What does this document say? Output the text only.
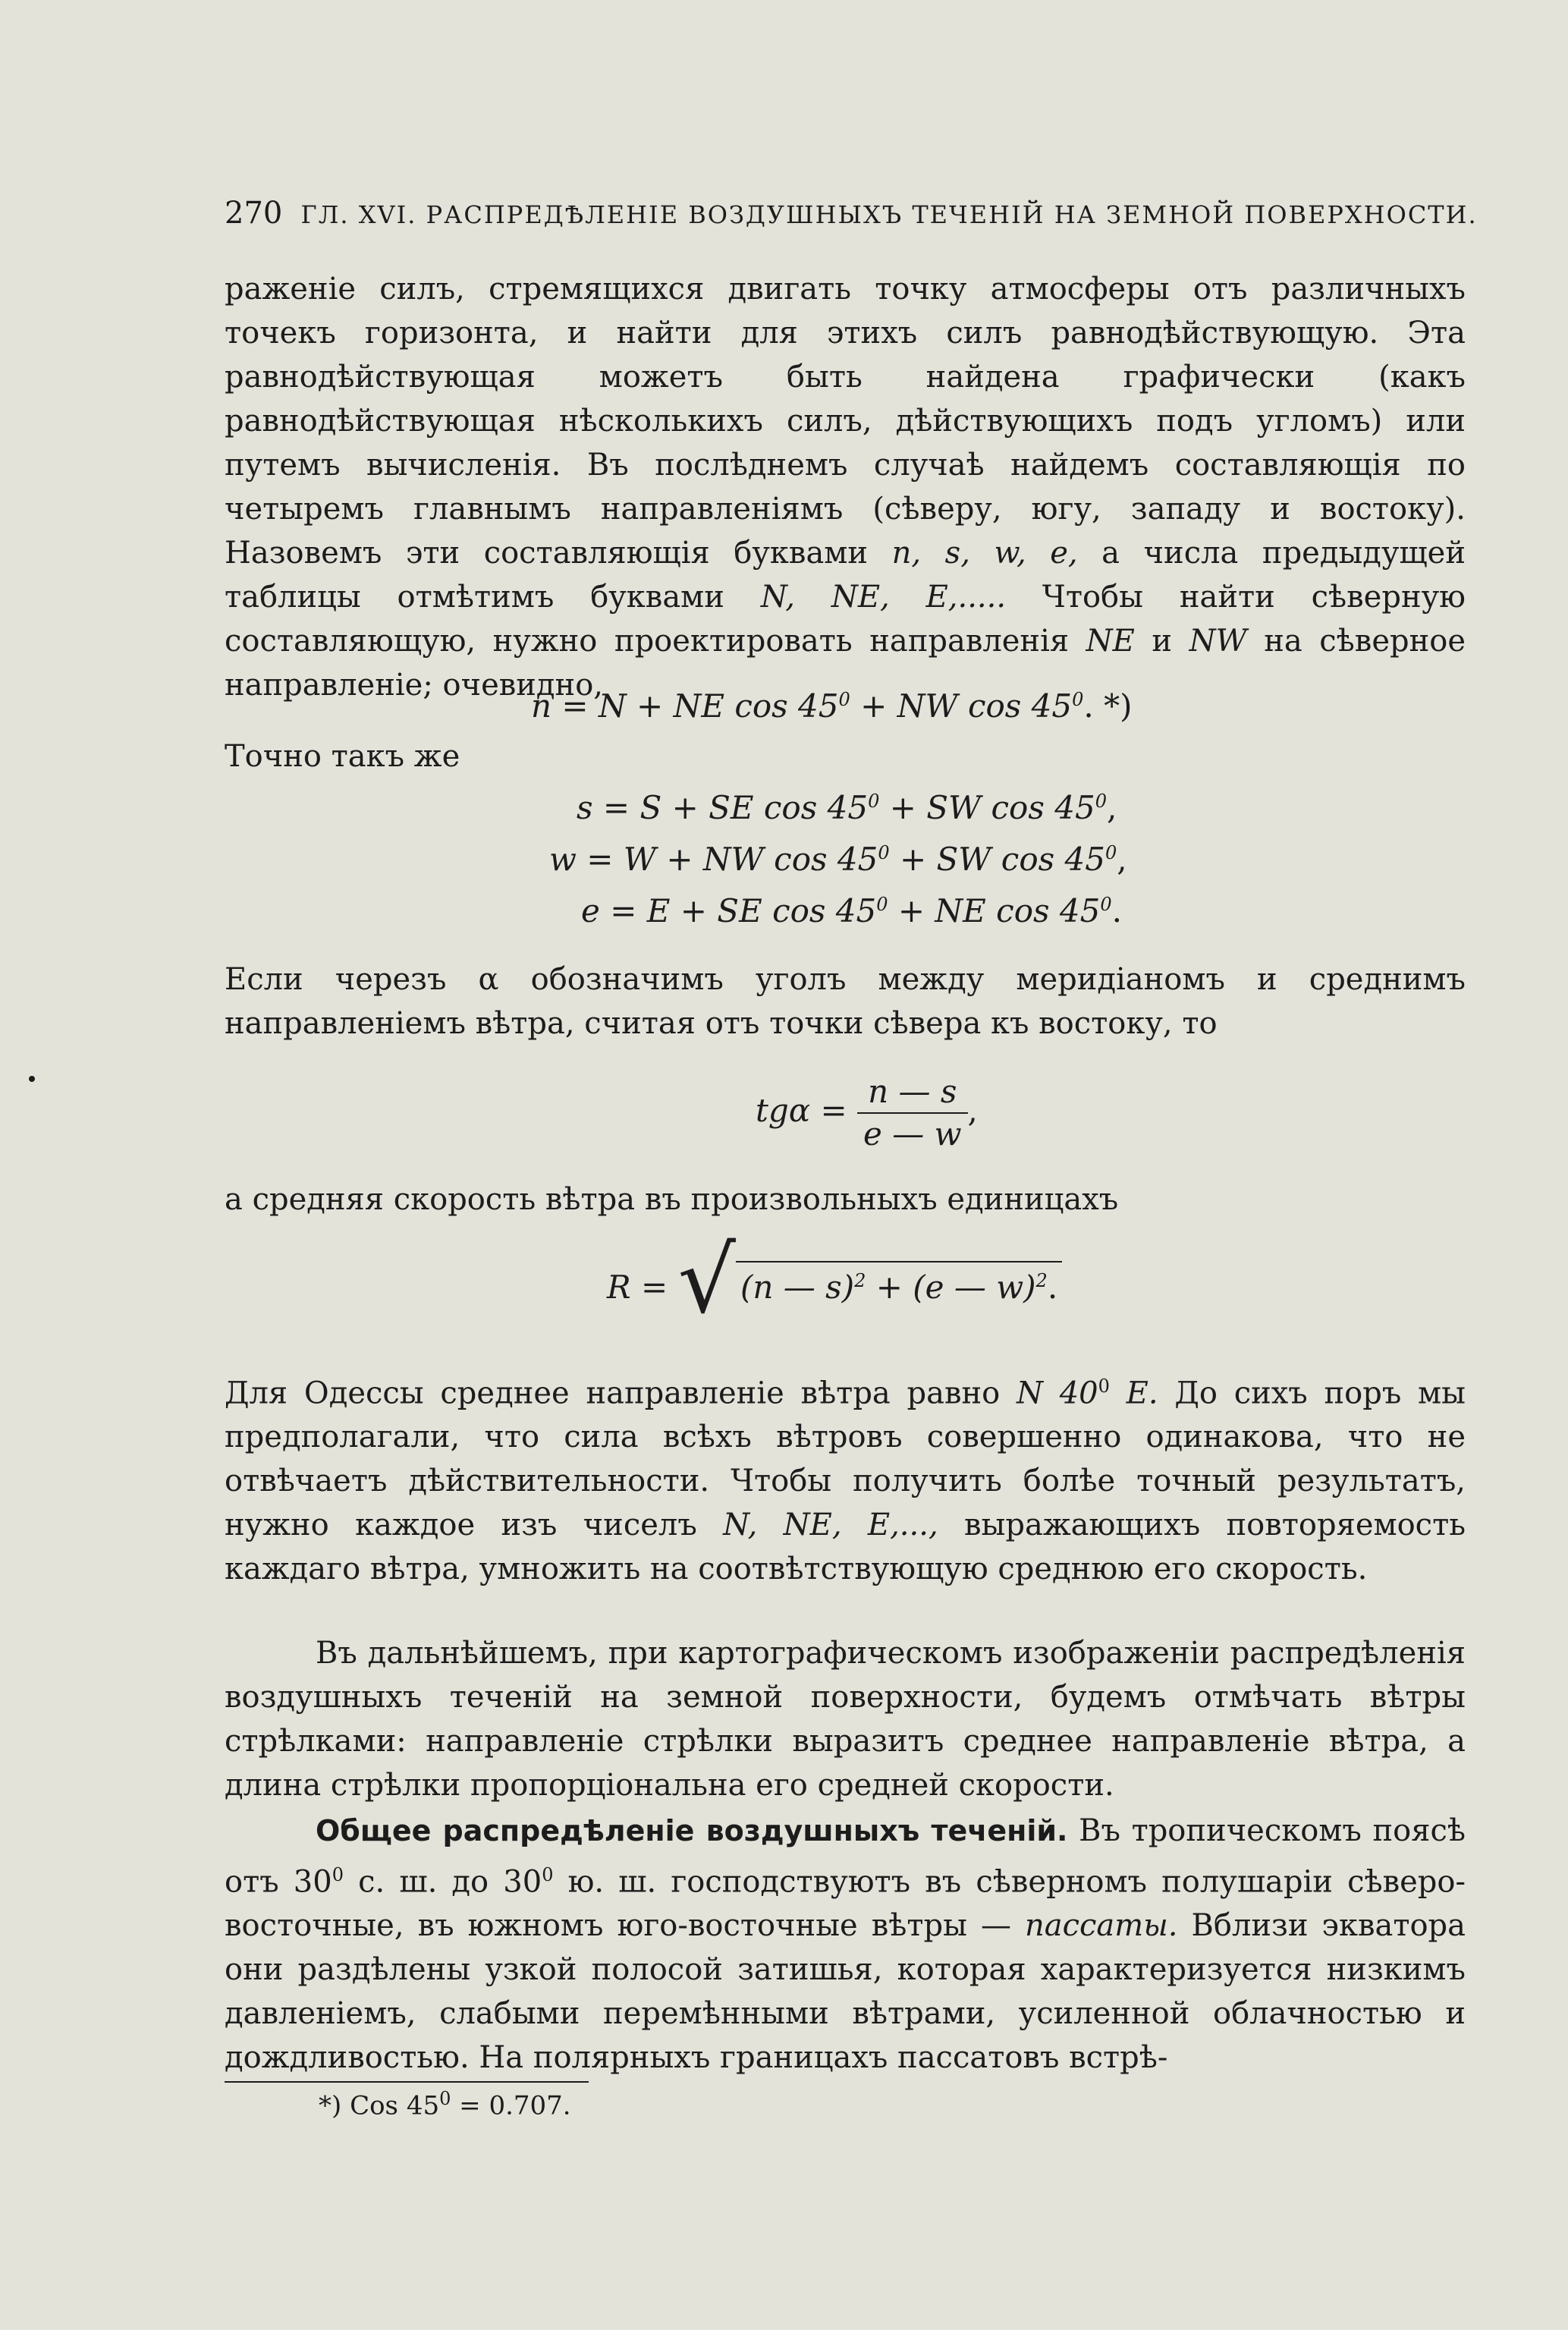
270 ГЛ. XVI. РАСПРЕДѢЛЕНІЕ ВОЗДУШНЫХЪ ТЕЧЕНІЙ НА ЗЕМНОЙ ПОВЕРХНОСТИ.

раженіе силъ, стремящихся двигать точку атмосферы отъ различныхъ точекъ горизонта, и найти для этихъ силъ равнодѣйствующую. Эта равнодѣйствующая можетъ быть найдена графически (какъ равнодѣйствующая нѣсколькихъ силъ, дѣйствующихъ подъ угломъ) или путемъ вычисленія. Въ послѣднемъ случаѣ найдемъ составляющія по четыремъ главнымъ направленіямъ (сѣверу, югу, западу и востоку). Назовемъ эти составляющія буквами n, s, w, e, а числа предыдущей таблицы отмѣтимъ буквами N, NE, E,..... Чтобы найти сѣверную составляющую, нужно проектировать направленія NE и NW на сѣверное направленіе; очевидно,

n = N + NE $\cos 45^0$ + NW $\cos 45^0$. *)

Точно такъ же

s = S + SE $\cos 45^0$ + SW $\cos 45^0$,
w = W + NW $\cos 45^0$ + SW $\cos 45^0$,
e = E + SE $\cos 45^0$ + NE $\cos 45^0$.

Если черезъ α обозначимъ уголъ между меридіаномъ и среднимъ направленіемъ вѣтра, считая отъ точки сѣвера къ востоку, то

$tg\alpha = \frac{n — s}{e — w}$ ,

а средняя скорость вѣтра въ произвольныхъ единицахъ

R = √ (n — s)$^2$ + (e — w)$^2$.

Для Одессы среднее направленіе вѣтра равно N $40^0$ E. До сихъ поръ мы предполагали, что сила всѣхъ вѣтровъ совершенно одинакова, что не отвѣчаетъ дѣйствительности. Чтобы получить болѣе точный результатъ, нужно каждое изъ чиселъ N, NE, E,..., выражающихъ повторяемость каждаго вѣтра, умножить на соотвѣтствующую среднюю его скорость.

Въ дальнѣйшемъ, при картографическомъ изображеніи распредѣленія воздушныхъ теченій на земной поверхности, будемъ отмѣчать вѣтры стрѣлками: направленіе стрѣлки выразитъ среднее направленіе вѣтра, а длина стрѣлки пропорціональна его средней скорости.

Общее распредѣленіе воздушныхъ теченій. Въ тропическомъ поясѣ отъ $30^0$ с. ш. до $30^0$ ю. ш. господствуютъ въ сѣверномъ полушаріи сѣверо-восточные, въ южномъ юго-восточные вѣтры — пассаты. Вблизи экватора они раздѣлены узкой полосой затишья, которая характеризуется низкимъ давленіемъ, слабыми перемѣнными вѣтрами, усиленной облачностью и дождливостью. На полярныхъ границахъ пассатовъ встрѣ-

*) Cos $45^0 = 0.707$.
